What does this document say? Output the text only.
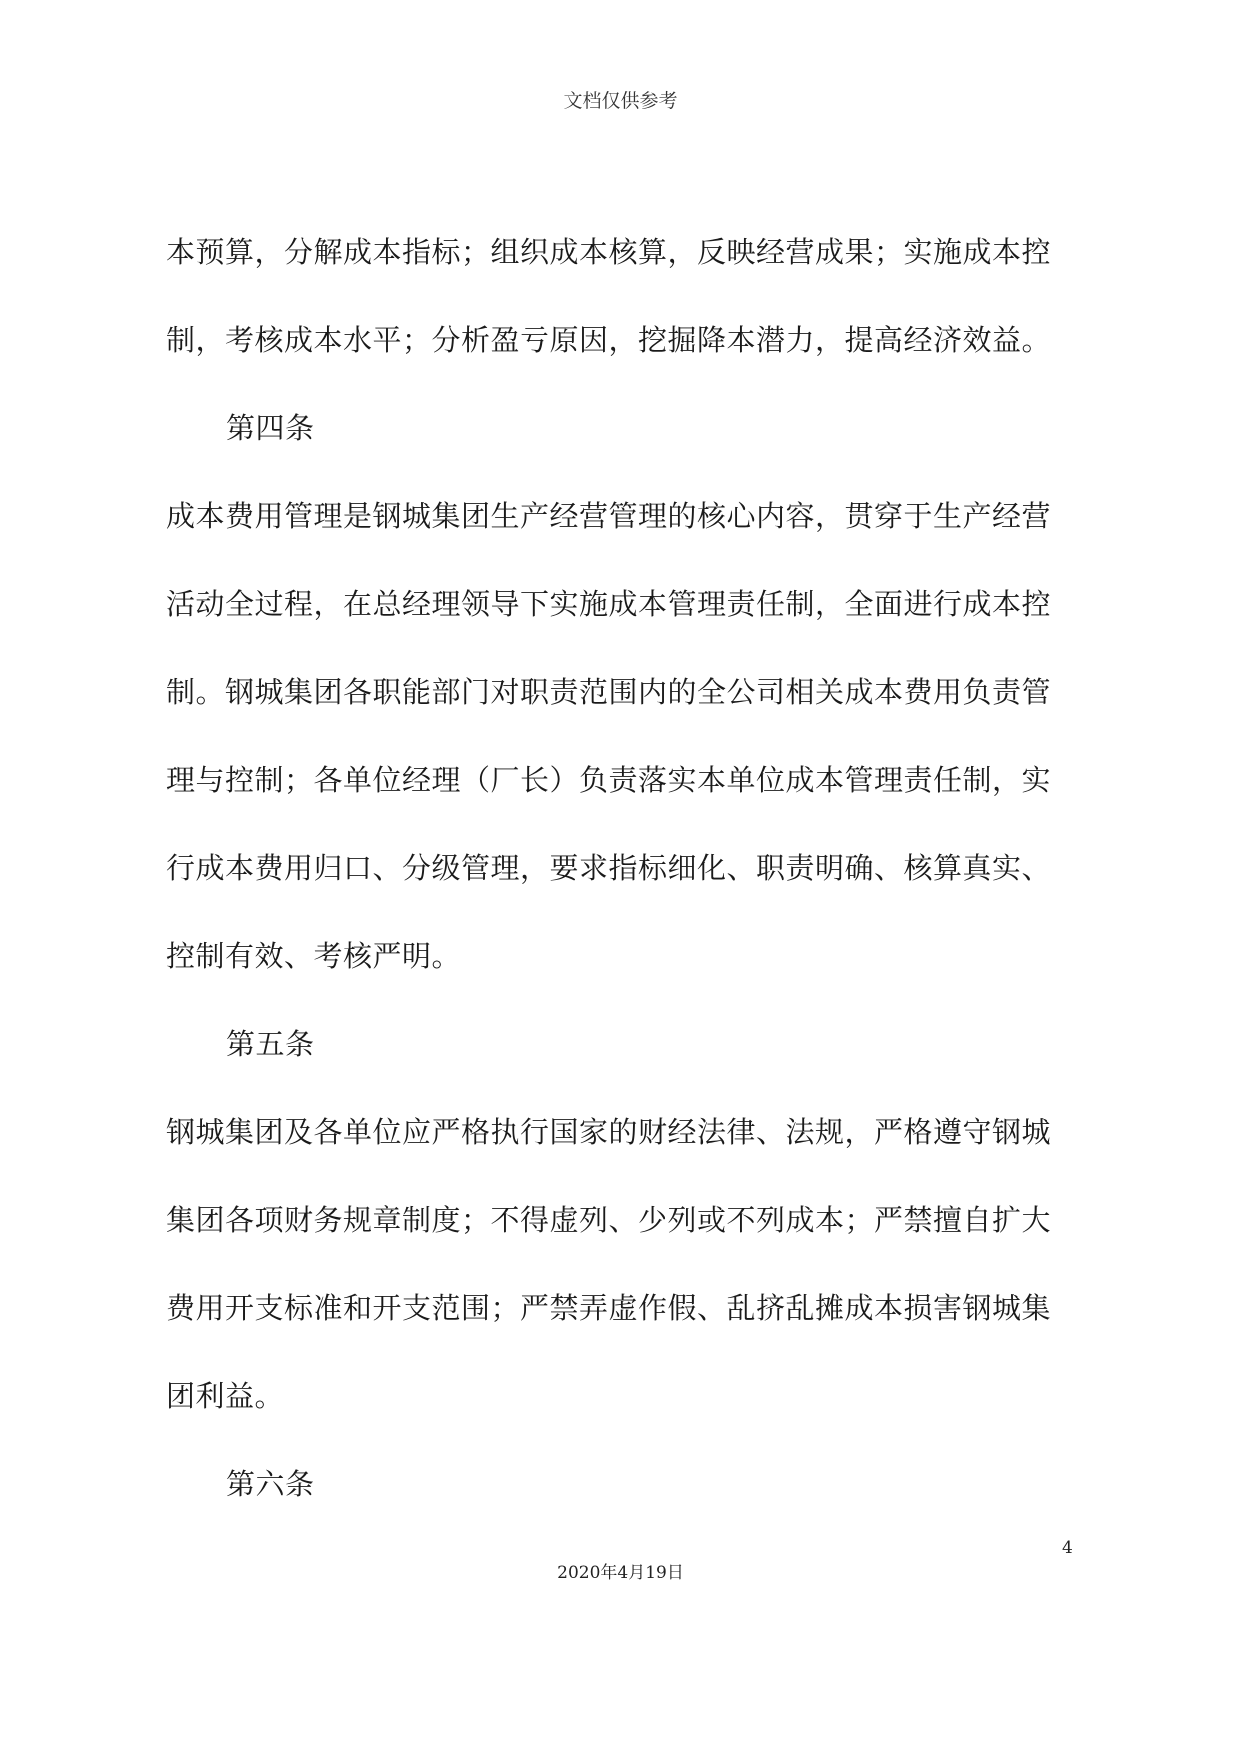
文档仅供参考
本预算，分解成本指标；组织成本核算，反映经营成果；实施成本控
制，考核成本水平；分析盈亏原因，挖掘降本潜力，提高经济效益。
第四条
成本费用管理是钢城集团生产经营管理的核心内容，贯穿于生产经营
活动全过程，在总经理领导下实施成本管理责任制，全面进行成本控
制。钢城集团各职能部门对职责范围内的全公司相关成本费用负责管
理与控制；各单位经理（厂长）负责落实本单位成本管理责任制，实
行成本费用归口、分级管理，要求指标细化、职责明确、核算真实、
控制有效、考核严明。
第五条
钢城集团及各单位应严格执行国家的财经法律、法规，严格遵守钢城
集团各项财务规章制度；不得虚列、少列或不列成本；严禁擅自扩大
费用开支标准和开支范围；严禁弄虚作假、乱挤乱摊成本损害钢城集
团利益。
第六条
4
2020年4月19日
